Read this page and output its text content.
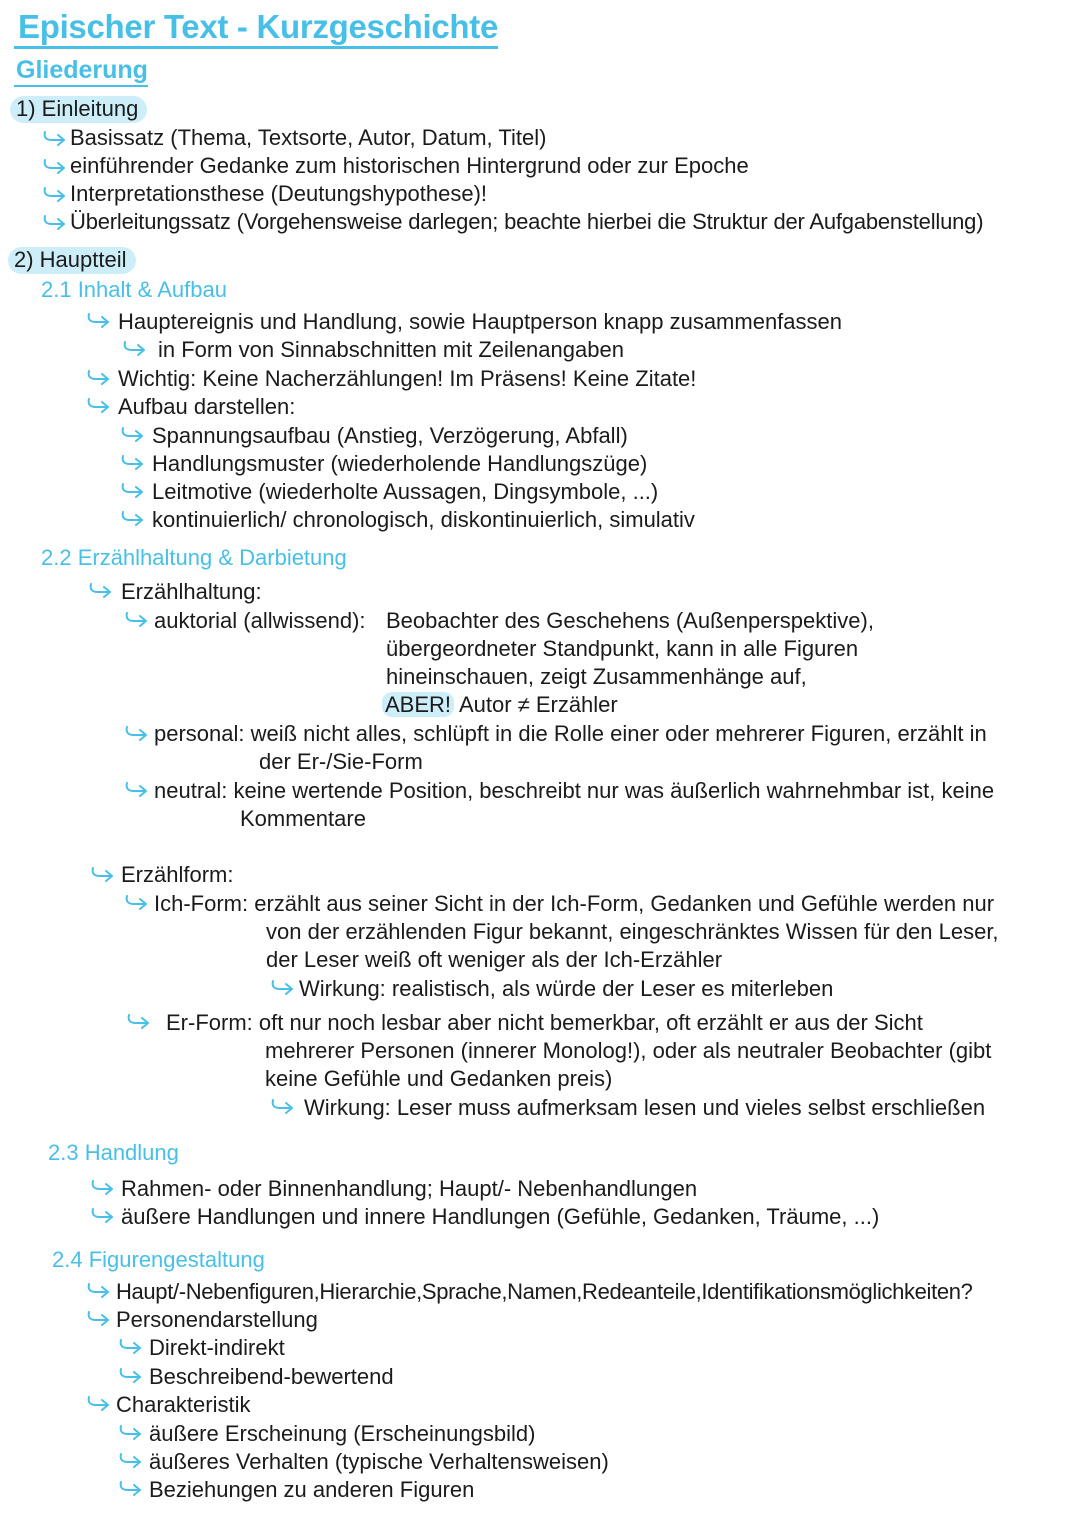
Epischer Text - Kurzgeschichte
Gliederung
1) Einleitung
Basissatz (Thema, Textsorte, Autor, Datum, Titel)
einführender Gedanke zum historischen Hintergrund oder zur Epoche
Interpretationsthese (Deutungshypothese)!
Überleitungssatz (Vorgehensweise darlegen; beachte hierbei die Struktur der Aufgabenstellung)
2) Hauptteil
2.1 Inhalt & Aufbau
Hauptereignis und Handlung, sowie Hauptperson knapp zusammenfassen
in Form von Sinnabschnitten mit Zeilenangaben
Wichtig: Keine Nacherzählungen! Im Präsens! Keine Zitate!
Aufbau darstellen:
Spannungsaufbau (Anstieg, Verzögerung, Abfall)
Handlungsmuster (wiederholende Handlungszüge)
Leitmotive (wiederholte Aussagen, Dingsymbole, ...)
kontinuierlich/ chronologisch, diskontinuierlich, simulativ
2.2 Erzählhaltung & Darbietung
Erzählhaltung:
auktorial (allwissend): Beobachter des Geschehens (Außenperspektive),
übergeordneter Standpunkt, kann in alle Figuren
hineinschauen, zeigt Zusammenhänge auf,
ABER! Autor ≠ Erzähler
personal: weiß nicht alles, schlüpft in die Rolle einer oder mehrerer Figuren, erzählt in
der Er-/Sie-Form
neutral: keine wertende Position, beschreibt nur was äußerlich wahrnehmbar ist, keine
Kommentare
Erzählform:
Ich-Form: erzählt aus seiner Sicht in der Ich-Form, Gedanken und Gefühle werden nur
von der erzählenden Figur bekannt, eingeschränktes Wissen für den Leser,
der Leser weiß oft weniger als der Ich-Erzähler
Wirkung: realistisch, als würde der Leser es miterleben
Er-Form: oft nur noch lesbar aber nicht bemerkbar, oft erzählt er aus der Sicht
mehrerer Personen (innerer Monolog!), oder als neutraler Beobachter (gibt
keine Gefühle und Gedanken preis)
Wirkung: Leser muss aufmerksam lesen und vieles selbst erschließen
2.3 Handlung
Rahmen- oder Binnenhandlung; Haupt/- Nebenhandlungen
äußere Handlungen und innere Handlungen (Gefühle, Gedanken, Träume, ...)
2.4 Figurengestaltung
Haupt/-Nebenfiguren,Hierarchie,Sprache,Namen,Redeanteile,Identifikationsmöglichkeiten?
Personendarstellung
Direkt-indirekt
Beschreibend-bewertend
Charakteristik
äußere Erscheinung (Erscheinungsbild)
äußeres Verhalten (typische Verhaltensweisen)
Beziehungen zu anderen Figuren
